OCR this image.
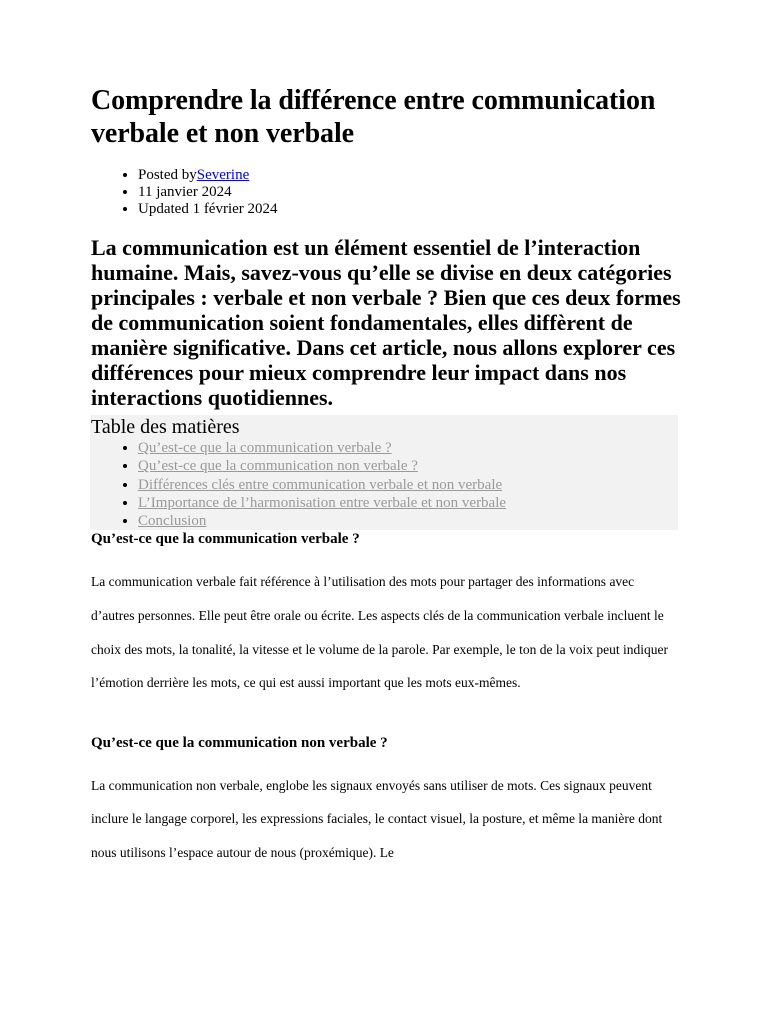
Comprendre la différence entre communication verbale et non verbale
• Posted bySeverine
• 11 janvier 2024
• Updated 1 février 2024
La communication est un élément essentiel de l’interaction humaine. Mais, savez-vous qu’elle se divise en deux catégories principales : verbale et non verbale ? Bien que ces deux formes de communication soient fondamentales, elles diffèrent de manière significative. Dans cet article, nous allons explorer ces différences pour mieux comprendre leur impact dans nos interactions quotidiennes.
Table des matières
• Qu’est-ce que la communication verbale ?
• Qu’est-ce que la communication non verbale ?
• Différences clés entre communication verbale et non verbale
• L’Importance de l’harmonisation entre verbale et non verbale
• Conclusion
Qu’est-ce que la communication verbale ?

La communication verbale fait référence à l’utilisation des mots pour partager des informations avec d’autres personnes. Elle peut être orale ou écrite. Les aspects clés de la communication verbale incluent le choix des mots, la tonalité, la vitesse et le volume de la parole. Par exemple, le ton de la voix peut indiquer l’émotion derrière les mots, ce qui est aussi important que les mots eux-mêmes.

Qu’est-ce que la communication non verbale ?

La communication non verbale, englobe les signaux envoyés sans utiliser de mots. Ces signaux peuvent inclure le langage corporel, les expressions faciales, le contact visuel, la posture, et même la manière dont nous utilisons l’espace autour de nous (proxémique). Le
